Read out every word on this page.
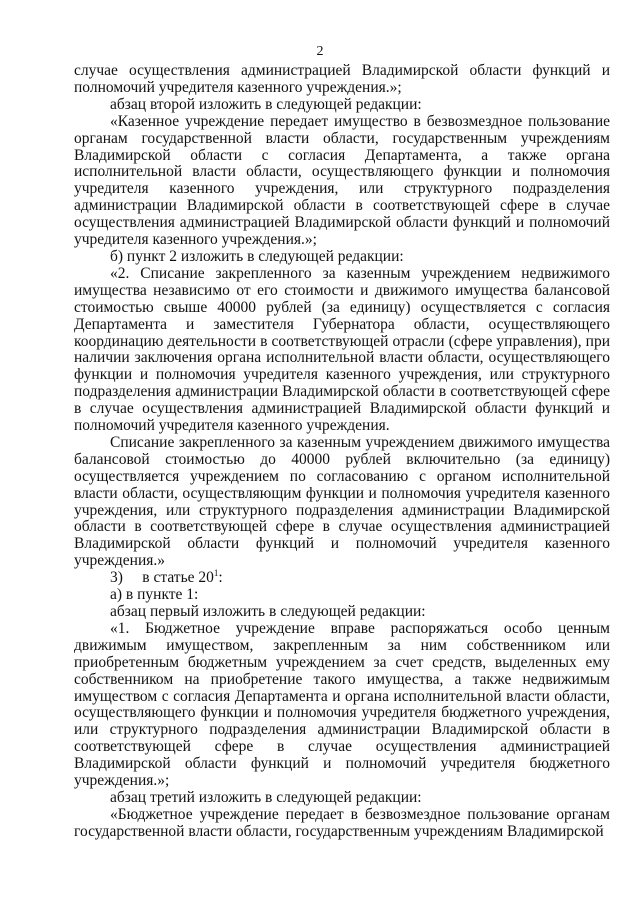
2

случае осуществления администрацией Владимирской области функций и полномочий учредителя казенного учреждения.»;

абзац второй изложить в следующей редакции:

«Казенное учреждение передает имущество в безвозмездное пользование органам государственной власти области, государственным учреждениям Владимирской области с согласия Департамента, а также органа исполнительной власти области, осуществляющего функции и полномочия учредителя казенного учреждения, или структурного подразделения администрации Владимирской области в соответствующей сфере в случае осуществления администрацией Владимирской области функций и полномочий учредителя казенного учреждения.»;

б) пункт 2 изложить в следующей редакции:

«2. Списание закрепленного за казенным учреждением недвижимого имущества независимо от его стоимости и движимого имущества балансовой стоимостью свыше 40000 рублей (за единицу) осуществляется с согласия Департамента и заместителя Губернатора области, осуществляющего координацию деятельности в соответствующей отрасли (сфере управления), при наличии заключения органа исполнительной власти области, осуществляющего функции и полномочия учредителя казенного учреждения, или структурного подразделения администрации Владимирской области в соответствующей сфере в случае осуществления администрацией Владимирской области функций и полномочий учредителя казенного учреждения.

Списание закрепленного за казенным учреждением движимого имущества балансовой стоимостью до 40000 рублей включительно (за единицу) осуществляется учреждением по согласованию с органом исполнительной власти области, осуществляющим функции и полномочия учредителя казенного учреждения, или структурного подразделения администрации Владимирской области в соответствующей сфере в случае осуществления администрацией Владимирской области функций и полномочий учредителя казенного учреждения.»

3) в статье $20^1$:

а) в пункте 1:

абзац первый изложить в следующей редакции:

«1. Бюджетное учреждение вправе распоряжаться особо ценным движимым имуществом, закрепленным за ним собственником или приобретенным бюджетным учреждением за счет средств, выделенных ему собственником на приобретение такого имущества, а также недвижимым имуществом с согласия Департамента и органа исполнительной власти области, осуществляющего функции и полномочия учредителя бюджетного учреждения, или структурного подразделения администрации Владимирской области в соответствующей сфере в случае осуществления администрацией Владимирской области функций и полномочий учредителя бюджетного учреждения.»;

абзац третий изложить в следующей редакции:

«Бюджетное учреждение передает в безвозмездное пользование органам государственной власти области, государственным учреждениям Владимирской
